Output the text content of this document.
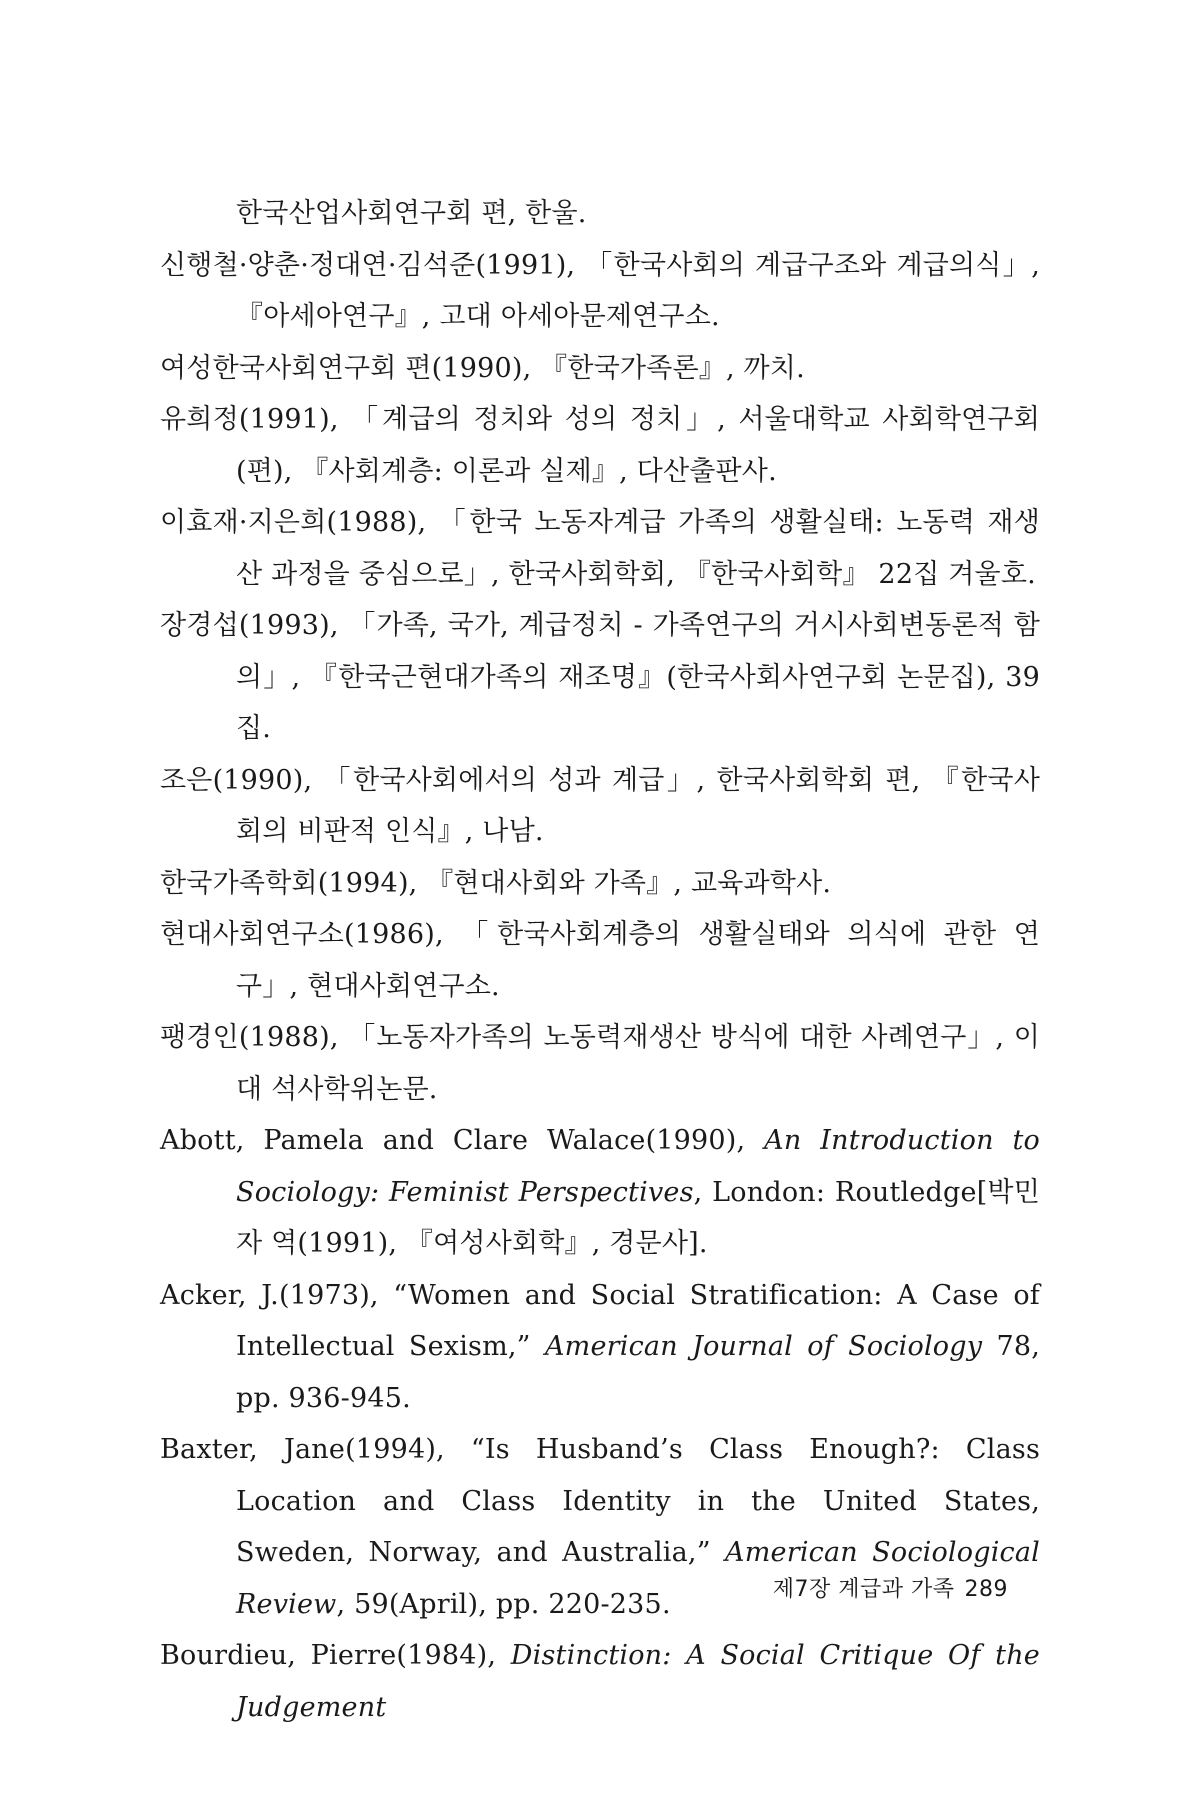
한국산업사회연구회 편, 한울.
신행철·양춘·정대연·김석준(1991), 「한국사회의 계급구조와 계급의식」, 『아세아연구』, 고대 아세아문제연구소.
여성한국사회연구회 편(1990), 『한국가족론』, 까치.
유희정(1991), 「계급의 정치와 성의 정치」, 서울대학교 사회학연구회(편), 『사회계층: 이론과 실제』, 다산출판사.
이효재·지은희(1988), 「한국 노동자계급 가족의 생활실태: 노동력 재생산 과정을 중심으로」, 한국사회학회, 『한국사회학』 22집 겨울호.
장경섭(1993), 「가족, 국가, 계급정치 - 가족연구의 거시사회변동론적 함의」, 『한국근현대가족의 재조명』(한국사회사연구회 논문집), 39집.
조은(1990), 「한국사회에서의 성과 계급」, 한국사회학회 편, 『한국사회의 비판적 인식』, 나남.
한국가족학회(1994), 『현대사회와 가족』, 교육과학사.
현대사회연구소(1986), 「한국사회계층의 생활실태와 의식에 관한 연구」, 현대사회연구소.
팽경인(1988), 「노동자가족의 노동력재생산 방식에 대한 사례연구」, 이대 석사학위논문.
Abott, Pamela and Clare Walace(1990), An Introduction to Sociology: Feminist Perspectives, London: Routledge[박민자 역(1991), 『여성사회학』, 경문사].
Acker, J.(1973), “Women and Social Stratification: A Case of Intellectual Sexism,” American Journal of Sociology 78, pp. 936-945.
Baxter, Jane(1994), “Is Husband’s Class Enough?: Class Location and Class Identity in the United States, Sweden, Norway, and Australia,” American Sociological Review, 59(April), pp. 220-235.
Bourdieu, Pierre(1984), Distinction: A Social Critique Of the Judgement
제7장 계급과 가족 289
